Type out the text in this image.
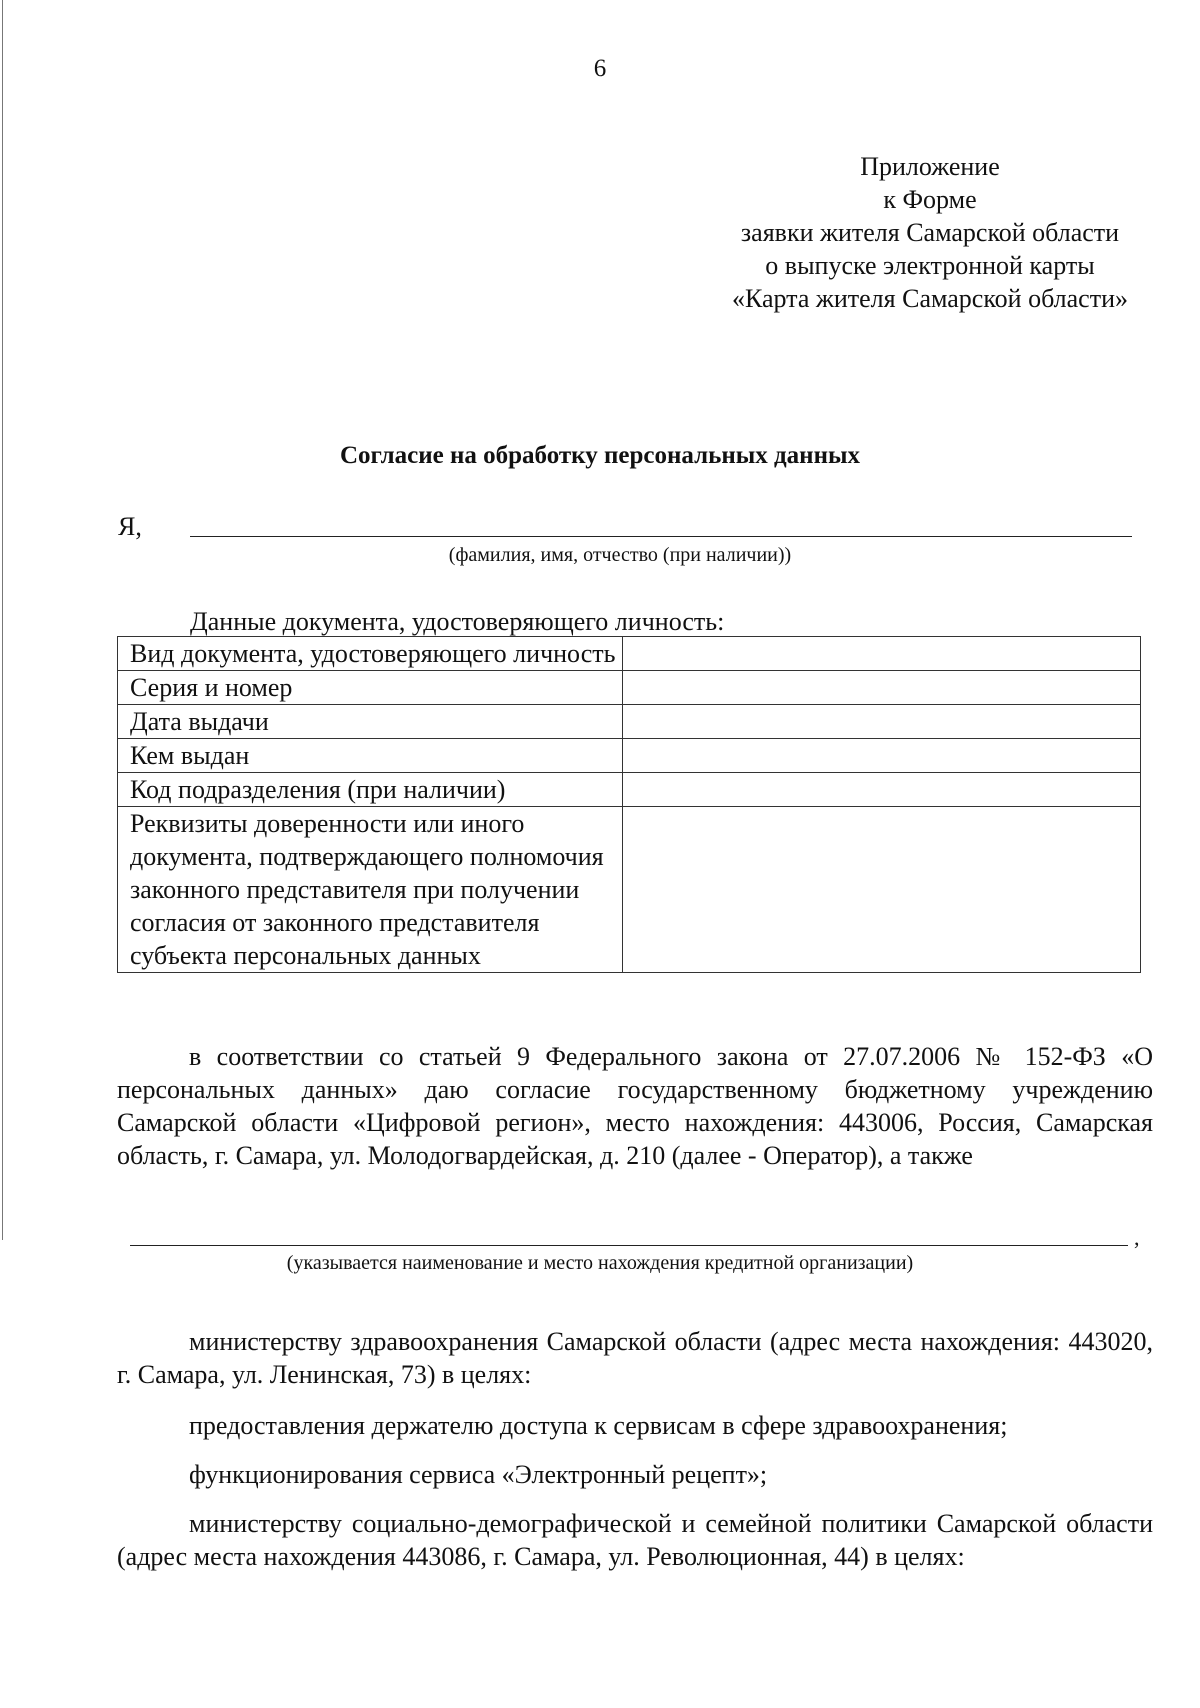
6
Приложение
к Форме
заявки жителя Самарской области
о выпуске электронной карты
«Карта жителя Самарской области»
Согласие на обработку персональных данных
Я,
(фамилия, имя, отчество (при наличии))
Данные документа, удостоверяющего личность:
Вид документа, удостоверяющего личность	
Серия и номер	
Дата выдачи	
Кем выдан	
Код подразделения (при наличии)	
Реквизиты доверенности или иного документа, подтверждающего полномочия законного представителя при получении согласия от законного представителя субъекта персональных данных	
в соответствии со статьей 9 Федерального закона от 27.07.2006 № 152-ФЗ «О персональных данных» даю согласие государственному бюджетному учреждению Самарской области «Цифровой регион», место нахождения: 443006, Россия, Самарская область, г. Самара, ул. Молодогвардейская, д. 210 (далее - Оператор), а также
,
(указывается наименование и место нахождения кредитной организации)
министерству здравоохранения Самарской области (адрес места нахождения: 443020, г. Самара, ул. Ленинская, 73) в целях:
предоставления держателю доступа к сервисам в сфере здравоохранения;
функционирования сервиса «Электронный рецепт»;
министерству социально-демографической и семейной политики Самарской области (адрес места нахождения 443086, г. Самара, ул. Революционная, 44) в целях:
